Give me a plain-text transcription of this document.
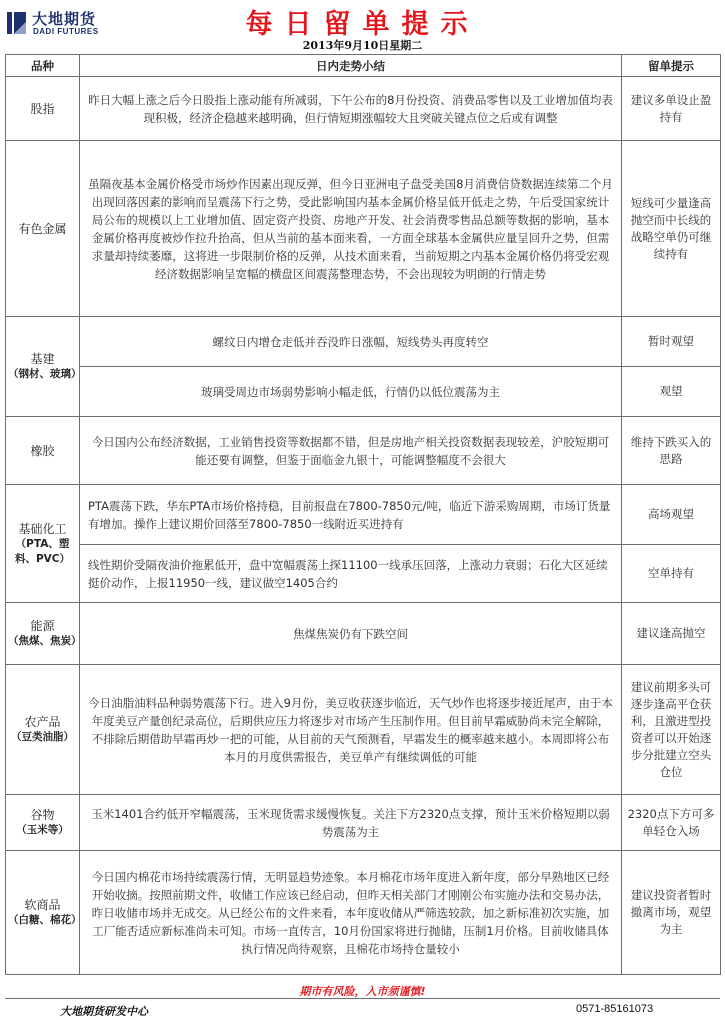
大地期货
DADI FUTURES	每日留单提示
2013年9月10日星期二
品种	日内走势小结	留单提示
股指	昨日大幅上涨之后今日股指上涨动能有所减弱，下午公布的8月份投资、消费品零售以及工业增加值均表现积极，经济企稳越来越明确，但行情短期涨幅较大且突破关键点位之后或有调整	建议多单设止盈持有
有色金属	虽隔夜基本金属价格受市场炒作因素出现反弹，但今日亚洲电子盘受美国8月消费信贷数据连续第二个月出现回落因素的影响而呈震荡下行之势，受此影响国内基本金属价格呈低开低走之势，午后受国家统计局公布的规模以上工业增加值、固定资产投资、房地产开发、社会消费零售品总额等数据的影响，基本金属价格再度被炒作拉升抬高，但从当前的基本面来看，一方面全球基本金属供应量呈回升之势，但需求量却持续萎靡，这将进一步限制价格的反弹，从技术面来看，当前短期之内基本金属价格仍将受宏观经济数据影响呈宽幅的横盘区间震荡整理态势，不会出现较为明朗的行情走势	短线可少量逢高抛空而中长线的战略空单仍可继续持有
基建
（钢材、玻璃）	螺纹日内增仓走低并吞没昨日涨幅，短线势头再度转空	暂时观望
	玻璃受周边市场弱势影响小幅走低，行情仍以低位震荡为主	观望
橡胶	今日国内公布经济数据，工业销售投资等数据都不错，但是房地产相关投资数据表现较差，沪胶短期可能还要有调整，但鉴于面临金九银十，可能调整幅度不会很大	维持下跌买入的思路
基础化工
（PTA、塑料、PVC）	PTA震荡下跌，华东PTA市场价格持稳，目前报盘在7800-7850元/吨，临近下游采购周期，市场订货量有增加。操作上建议期价回落至7800-7850一线附近买进持有	高场观望
	线性期价受隔夜油价拖累低开，盘中宽幅震荡上探11100一线承压回落，上涨动力衰弱；石化大区延续挺价动作，上报11950一线，建议做空1405合约	空单持有
能源
（焦煤、焦炭）	焦煤焦炭仍有下跌空间	建议逢高抛空
农产品
（豆类油脂）	今日油脂油料品种弱势震荡下行。进入9月份，美豆收获逐步临近，天气炒作也将逐步接近尾声，由于本年度美豆产量创纪录高位，后期供应压力将逐步对市场产生压制作用。但目前早霜威胁尚未完全解除，不排除后期借助早霜再炒一把的可能，从目前的天气预测看，早霜发生的概率越来越小。本周即将公布本月的月度供需报告，美豆单产有继续调低的可能	建议前期多头可逐步逢高平仓获利，且激进型投资者可以开始逐步分批建立空头仓位
谷物
（玉米等）	玉米1401合约低开窄幅震荡，玉米现货需求缓慢恢复。关注下方2320点支撑，预计玉米价格短期以弱势震荡为主	2320点下方可多单轻仓入场
软商品
（白糖、棉花）	今日国内棉花市场持续震荡行情，无明显趋势迹象。本月棉花市场年度进入新年度，部分早熟地区已经开始收摘。按照前期文件，收储工作应该已经启动，但昨天相关部门才刚刚公布实施办法和交易办法，昨日收储市场并无成交。从已经公布的文件来看，本年度收储从严筛选较款，加之新标准初次实施，加工厂能否适应新标准尚未可知。市场一直传言，10月份国家将进行抛储，压制1月价格。目前收储具体执行情况尚待观察，且棉花市场持仓量较小	建议投资者暂时撤离市场，观望为主
期市有风险，入市须谨慎!
大地期货研发中心	0571-85161073
